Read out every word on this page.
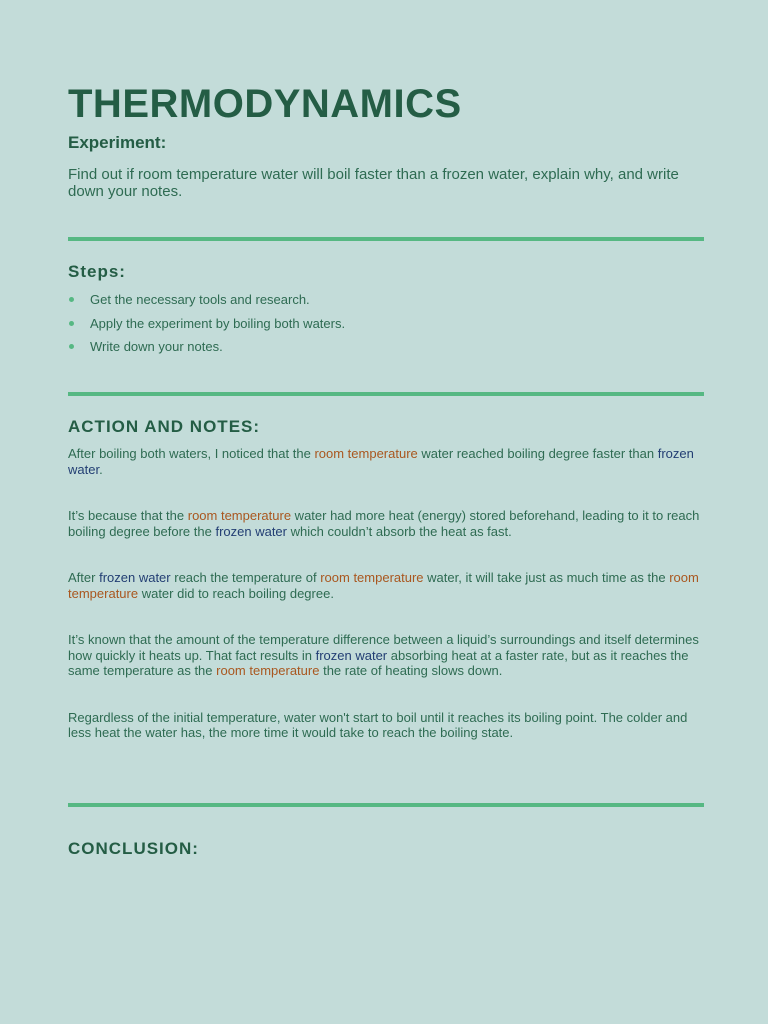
THERMODYNAMICS
Experiment:
Find out if room temperature water will boil faster than a frozen water, explain why, and write down your notes.
Steps:
Get the necessary tools and research.
Apply the experiment by boiling both waters.
Write down your notes.
ACTION AND NOTES:

After boiling both waters, I noticed that the room temperature water reached boiling degree faster than frozen water.

It’s because that the room temperature water had more heat (energy) stored beforehand, leading to it to reach boiling degree before the frozen water which couldn’t absorb the heat as fast.

After frozen water reach the temperature of room temperature water, it will take just as much time as the room temperature water did to reach boiling degree.

It’s known that the amount of the temperature difference between a liquid’s surroundings and itself determines how quickly it heats up. That fact results in frozen water absorbing heat at a faster rate, but as it reaches the same temperature as the room temperature the rate of heating slows down.

Regardless of the initial temperature, water won't start to boil until it reaches its boiling point. The colder and less heat the water has, the more time it would take to reach the boiling state.

CONCLUSION:
